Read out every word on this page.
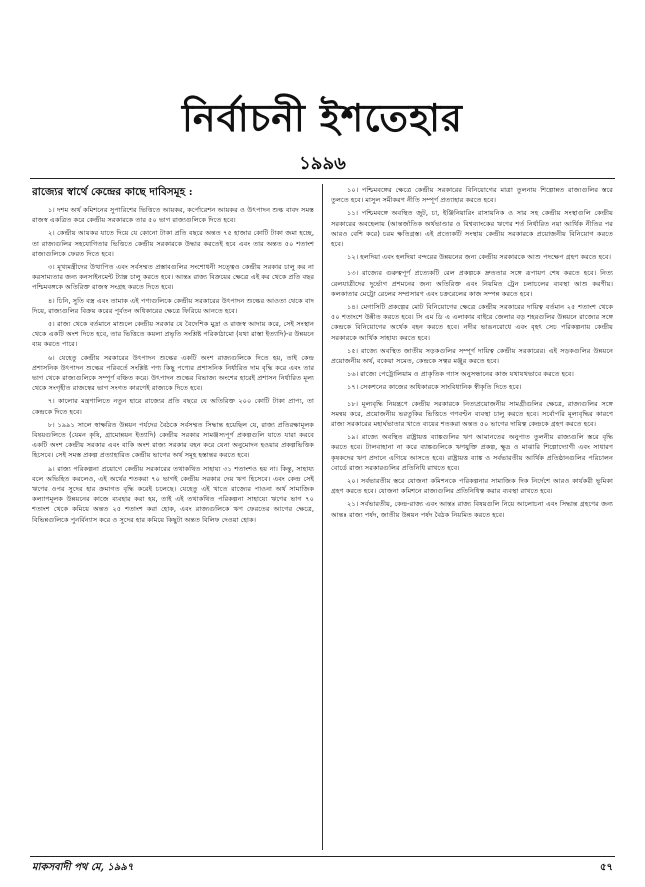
নির্বাচনী ইশতেহার
১৯৯৬
রাজ্যের স্বার্থে কেন্দ্রের কাছে দাবিসমূহ :

১। দশম অর্থ কমিশনের সুপারিশের ভিত্তিতে আয়কর, কর্পোরেশন আয়কর ও উৎপাদন শুল্ক বাবদ সমস্ত রাজস্ব একত্রিত করে কেন্দ্রীয় সরকারকে তার ৫০ ভাগ রাজ্যগুলিকে দিতে হবে।

২। কেন্দ্রীয় আয়কর যাতে দিয়ে যে কোনো টাকা প্রতি বছরে অন্তত ৭৫ হাজার কোটি টাকা জমা হচ্ছে, তা রাজ্যগুলির সহযোগিতার ভিত্তিতে কেন্দ্রীয় সরকারকে উদ্ধার করতেই হবে এবং তার অন্তত ৫০ শতাংশ রাজ্যগুলিকে ফেরত দিতে হবে।

৩। মূখ্যমন্ত্রীদের উত্থাপিত এবং সর্বসম্মত প্রস্তাবগুলির সংশোধনী সত্ত্বেও কেন্দ্রীয় সরকার চালু কর না করসাম্যতার জন্য কনসাইনমেন্ট ট্যাক্স চালু করতে হবে। আন্তঃ রাজ্য বিক্রয়ের ক্ষেত্রে এই কর থেকে প্রতি বছর পশ্চিমবঙ্গকে অতিরিক্ত রাজস্ব সংগ্রহ করতে দিতে হবে।

৪। চিনি, সুতি বস্ত্র এবং তামাক এই পণ্যগুলিকে কেন্দ্রীয় সরকারের উৎপাদন শুল্কের আওতা থেকে বাদ দিয়ে, রাজ্যগুলির বিক্রয় করের পূর্বতন অধিকারের ক্ষেত্রে ফিরিয়ে আনতে হবে।

৫। রাজ্য থেকে বর্তমানে মাশুলে কেন্দ্রীয় সরকার যে বৈদেশিক মুদ্রা ও রাজস্ব আদায় করে, সেই সংস্থান থেকে একটি অংশ দিতে হবে, তার ভিত্তিতে কয়লা প্রভৃতি সংশ্লিষ্ট পরিকাঠামো (যথা রাস্তা ইত্যাদি)-র উন্নয়নে ব্যয় করতে পারে।

৬। যেহেতু কেন্দ্রীয় সরকারের উৎপাদন শুল্কের একটি অংশ রাজ্যগুলিকে দিতে হয়, তাই কেন্দ্র প্রশাসনিক উৎপাদন শুল্কের পরিবর্তে সংশ্লিষ্ট পণ্য কিছু পণ্যের প্রশাসনিক নির্ধারিত দাম বৃদ্ধি করে এবং তার ভাগ থেকে রাজ্যগুলিকে সম্পূর্ণ বঞ্চিত করে। উৎপাদন শুল্কের বিভাজ্য অংশের হারেই প্রশাসন নির্ধারিত মূল্য থেকে সংগৃহীত রাজস্বের ভাগ সংগত কারণেই রাজ্যকে দিতে হবে।

৭। কালোর মন্ত্রণালিতে নতুন হারে রাজ্যের প্রতি বছরে যে অতিরিক্ত ২০০ কোটি টাকা প্রাপ্য, তা কেন্দ্রকে দিতে হবে।

৮। ১৯৯১ সালে স্বাক্ষরিত উন্নয়ন পর্যদের বৈঠকে সর্বসম্মত সিদ্ধান্ত হয়েছিল যে, রাজ্য প্রতিরক্ষামূলক বিষয়গুলিতে (যেমন কৃষি, গ্রামোন্নয়ন ইত্যাদি) কেন্দ্রীয় সরকার সামঞ্জস্যপূর্ণ প্রকল্পগুলি যাতে যারা করবে একটি অংশ কেন্দ্রীয় সরকার এবং বাকি অংশ রাজ্য সরকার বহন করে যেনা অনুমোদন হওয়ার প্রকল্পভিত্তিক হিসেবে। সেই সমস্ত প্রকল্প প্রত্যাহারিত কেন্দ্রীয় ভাগের অর্থ সমূহ হস্তান্তর করতে হবে।

৯। রাজ্য পরিকল্পনা প্রয়োগে কেন্দ্রীয় সরকারের তথাকথিত সাহায্য ৩১ শতাংশও হয় না। কিন্তু, সাহায্য বলে অভিহিত করলেও, এই অর্থের শতকরা ৭০ ভাগই কেন্দ্রীয় সরকার দেয় ঋণ হিসেবে। এবং কেন্দ্র সেই ঋণের ওপর সুদের হার ক্রমাগত বৃদ্ধি করেই চলেছে। যেহেতু এই খাতে রাজ্যের পাওনা অর্থ সামাজিক কল্যাণমূলক উন্নয়নের কাজে ব্যবহার করা হয়, তাই এই তথাকথিত পরিকল্পনা সাহায্যে ঋণের ভাগ ৭০ শতাংশ থেকে কমিয়ে অন্তত ২৫ শতাংশ করা হোক, এবং রাজ্যগুলিকে ঋণ ফেরতের আগের ক্ষেত্রে, বিভিন্নগুলিকে পুনর্বিন্যাস করে ও সুদের হার কমিয়ে কিছুটা অন্তত বিলিফ দেওয়া হোক।

১০। পশ্চিমবঙ্গের ক্ষেত্রে কেন্দ্রীয় সরকারের বিনিয়োগের মাত্রা তুলনায় শিল্পোন্নত রাজ্যগুলির স্তরে তুলতে হবে। মাসুল সমীকরণ নীতি সম্পূর্ণ প্রত্যাহার করতে হবে।

১১। পশ্চিমবঙ্গে অবস্থিত জুট, চা, ইঞ্জিনিয়ারিং রাসায়নিক ও সার সহ কেন্দ্রীয় সংস্থাগুলি কেন্দ্রীয় সরকারের অবহেলায় (আন্তর্জাতিক অর্থভাণ্ডার ও বিশ্বব্যাংকের ঋণের শর্ত নির্ধারিত নয়া আর্থিক নীতির পর আরও বেশি করে) চরম ক্ষতিগ্রস্ত। এই প্রত্যেকটি সংস্থায় কেন্দ্রীয় সরকারকে প্রয়োজনীয় বিনিয়োগ করতে হবে।

১২। হলদিয়া এবং হলদিয়া বন্দরের উন্নয়নের জন্য কেন্দ্রীয় সরকারকে আশু পদক্ষেপ গ্রহণ করতে হবে।

১৩। রাজ্যের গুরুত্বপূর্ণ প্রত্যেকটি রেল প্রকল্পকে দ্রুততার সঙ্গে রূপায়ণ শেষ করতে হবে। নিত্য রেলযাত্রীদের দুর্ভোগ প্রশমনের জন্য অতিরিক্ত এবং নিয়মিত ট্রেন চলাচলের ব্যবস্থা আশু করণীয়। কলকাতার মেট্রো রেলের সম্প্রসারণ এবং চক্ররেলের কাজ সম্পন্ন করতে হবে।

১৪। মেগাসিটি প্রকল্পের মোট বিনিয়োগের ক্ষেত্রে কেন্দ্রীয় সরকারের দায়িত্ব বর্তমান ২৫ শতাংশ থেকে ৫০ শতাংশে উন্নীত করতে হবে। সি এম ডি এ এলাকার বাইরে জেলার বড় শহরগুলির উন্নয়নে রাজ্যের সঙ্গে কেন্দ্রকে বিনিয়োগের অর্থেক বহন করতে হবে। নদীর ভাঙনরোধে এবং বৃহৎ সেচ পরিকল্পনায় কেন্দ্রীয় সরকারকে আর্থিক সাহায্য করতে হবে।

১৫। রাজ্যে অবস্থিত জাতীয় সড়কগুলির সম্পূর্ণ দায়িত্ব কেন্দ্রীয় সরকারের। এই সড়কগুলির উন্নয়নে প্রয়োজনীয় অর্থ, বকেয়া সমেত, কেন্দ্রকে সত্বর মঞ্জুর করতে হবে।

১৬। রাজ্যে পেট্রোলিয়াম ও প্রাকৃতিক গ্যাস অনুসন্ধানের কাজ যথাযথভাবে করতে হবে।

১৭। সেকশনের কাজের অধিকারকে সাংবিধানিক স্বীকৃতি দিতে হবে।

১৮। মূল্যবৃদ্ধি নিয়ন্ত্রণে কেন্দ্রীয় সরকারকে নিত্যপ্রয়োজনীয় সামগ্রীগুলির ক্ষেত্রে, রাজ্যগুলির সঙ্গে সমন্বয় করে, প্রয়োজনীয় ভরতুকির ভিত্তিতে গণবণ্টন ব্যবস্থা চালু করতে হবে। সর্বোপরি মূল্যবৃদ্ধির কারণে রাজ্য সরকারের মহার্ঘভাতার খাতে ব্যয়ের শতকরা অন্তত ৫০ ভাগের দায়িত্ব কেন্দ্রকে গ্রহণ করতে হবে।

১৯। রাজ্যে অবস্থিত রাষ্ট্রায়ত্ত ব্যাঙ্কগুলির ঋণ আমানতের অনুপাত তুলনীয় রাজ্যগুলি স্তরে বৃদ্ধি করতে হবে। টালবাহানা না করে ব্যাঙ্কগুলিকে ঋণযুক্তি প্রকল্প, ক্ষুদ্র ও মাঝারি শিল্পোদ্যোগী এবং সাধারণ কৃষকদের ঋণ প্রদানে এগিয়ে আসতে হবে। রাষ্ট্রায়ত্ত ব্যাঙ্ক ও সর্বভারতীয় আর্থিক প্রতিষ্ঠানগুলির পরিচালন বোর্ডে রাজ্য সরকারগুলির প্রতিনিধি রাখতে হবে।

২০। সর্বভারতীয় স্তরে যোজনা কমিশনকে পরিকল্পনার সামাজিক দিক নির্দেশে আরও কার্যকরী ভূমিকা গ্রহণ করতে হবে। যোজনা কমিশনে রাজ্যগুলির প্রতিনিধিত্ব করার ব্যবস্থা রাখতে হবে।

২১। সর্বভারতীয়, কেন্দ্র-রাজ্য এবং আন্তঃ রাজ্য বিষয়গুলি নিয়ে আলোচনা এবং সিদ্ধান্ত গ্রহণের জন্য আন্তঃ রাজ্য পর্ষদ, জাতীয় উন্নয়ন পর্ষদ বৈঠক নিয়মিত করতে হবে।

মাকসবাদী পথ মে, ১৯৯৭	৫৭
